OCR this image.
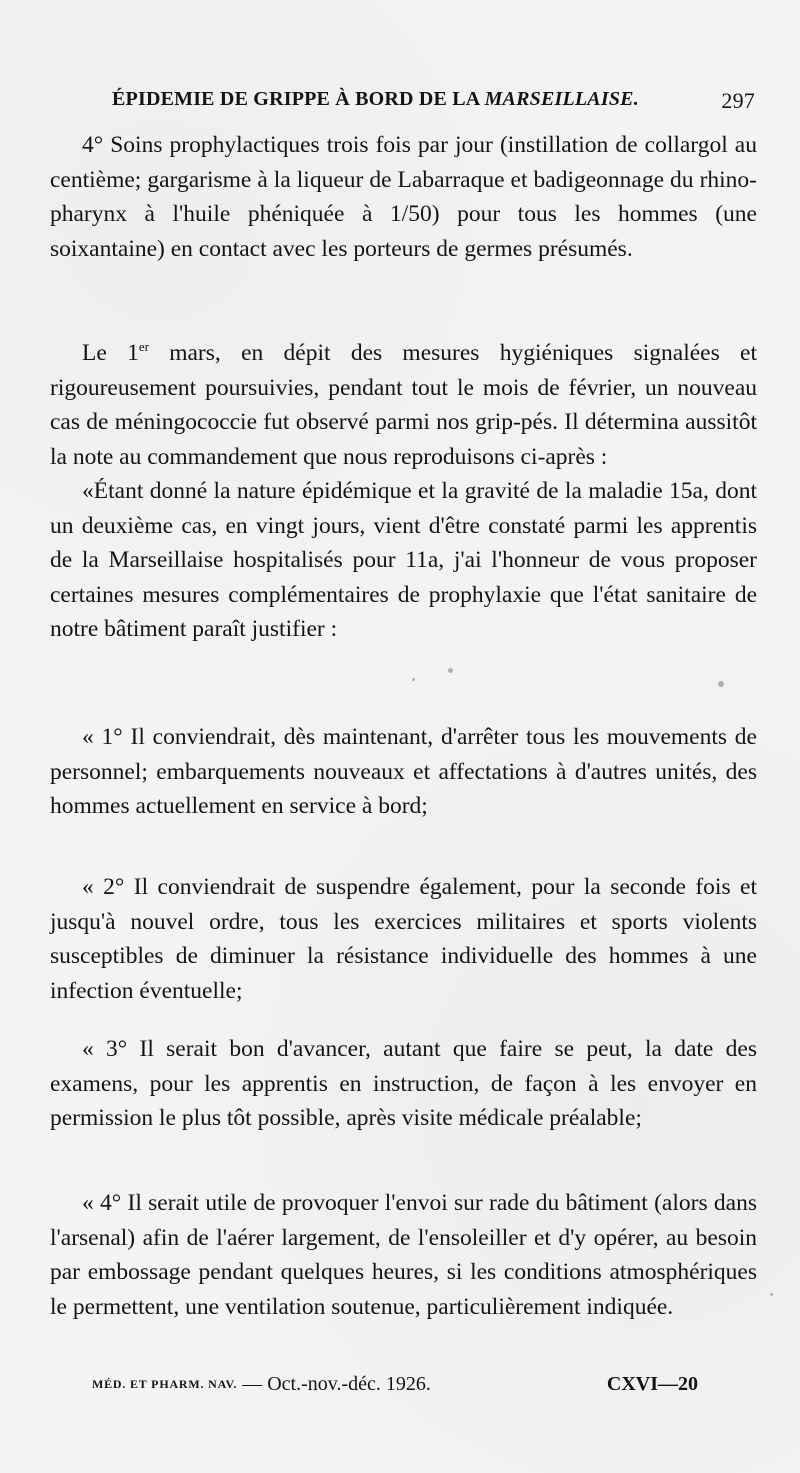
ÉPIDEMIE DE GRIPPE À BORD DE LA MARSEILLAISE.	297

4° Soins prophylactiques trois fois par jour (instillation de collargol au centième; gargarisme à la liqueur de Labarraque et badigeonnage du rhino-pharynx à l'huile phéniquée à 1/50) pour tous les hommes (une soixantaine) en contact avec les porteurs de germes présumés.

Le 1er mars, en dépit des mesures hygiéniques signalées et rigoureusement poursuivies, pendant tout le mois de février, un nouveau cas de méningococcie fut observé parmi nos grip-pés. Il détermina aussitôt la note au commandement que nous reproduisons ci-après :

«Étant donné la nature épidémique et la gravité de la maladie 15a, dont un deuxième cas, en vingt jours, vient d'être constaté parmi les apprentis de la Marseillaise hospitalisés pour 11a, j'ai l'honneur de vous proposer certaines mesures complémentaires de prophylaxie que l'état sanitaire de notre bâtiment paraît justifier :

« 1° Il conviendrait, dès maintenant, d'arrêter tous les mouvements de personnel; embarquements nouveaux et affectations à d'autres unités, des hommes actuellement en service à bord;

« 2° Il conviendrait de suspendre également, pour la seconde fois et jusqu'à nouvel ordre, tous les exercices militaires et sports violents susceptibles de diminuer la résistance individuelle des hommes à une infection éventuelle;

« 3° Il serait bon d'avancer, autant que faire se peut, la date des examens, pour les apprentis en instruction, de façon à les envoyer en permission le plus tôt possible, après visite médicale préalable;

« 4° Il serait utile de provoquer l'envoi sur rade du bâtiment (alors dans l'arsenal) afin de l'aérer largement, de l'ensoleiller et d'y opérer, au besoin par embossage pendant quelques heures, si les conditions atmosphériques le permettent, une ventilation soutenue, particulièrement indiquée.

MÉD. ET PHARM. NAV. — Oct.-nov.-déc. 1926.	CXVI—20
